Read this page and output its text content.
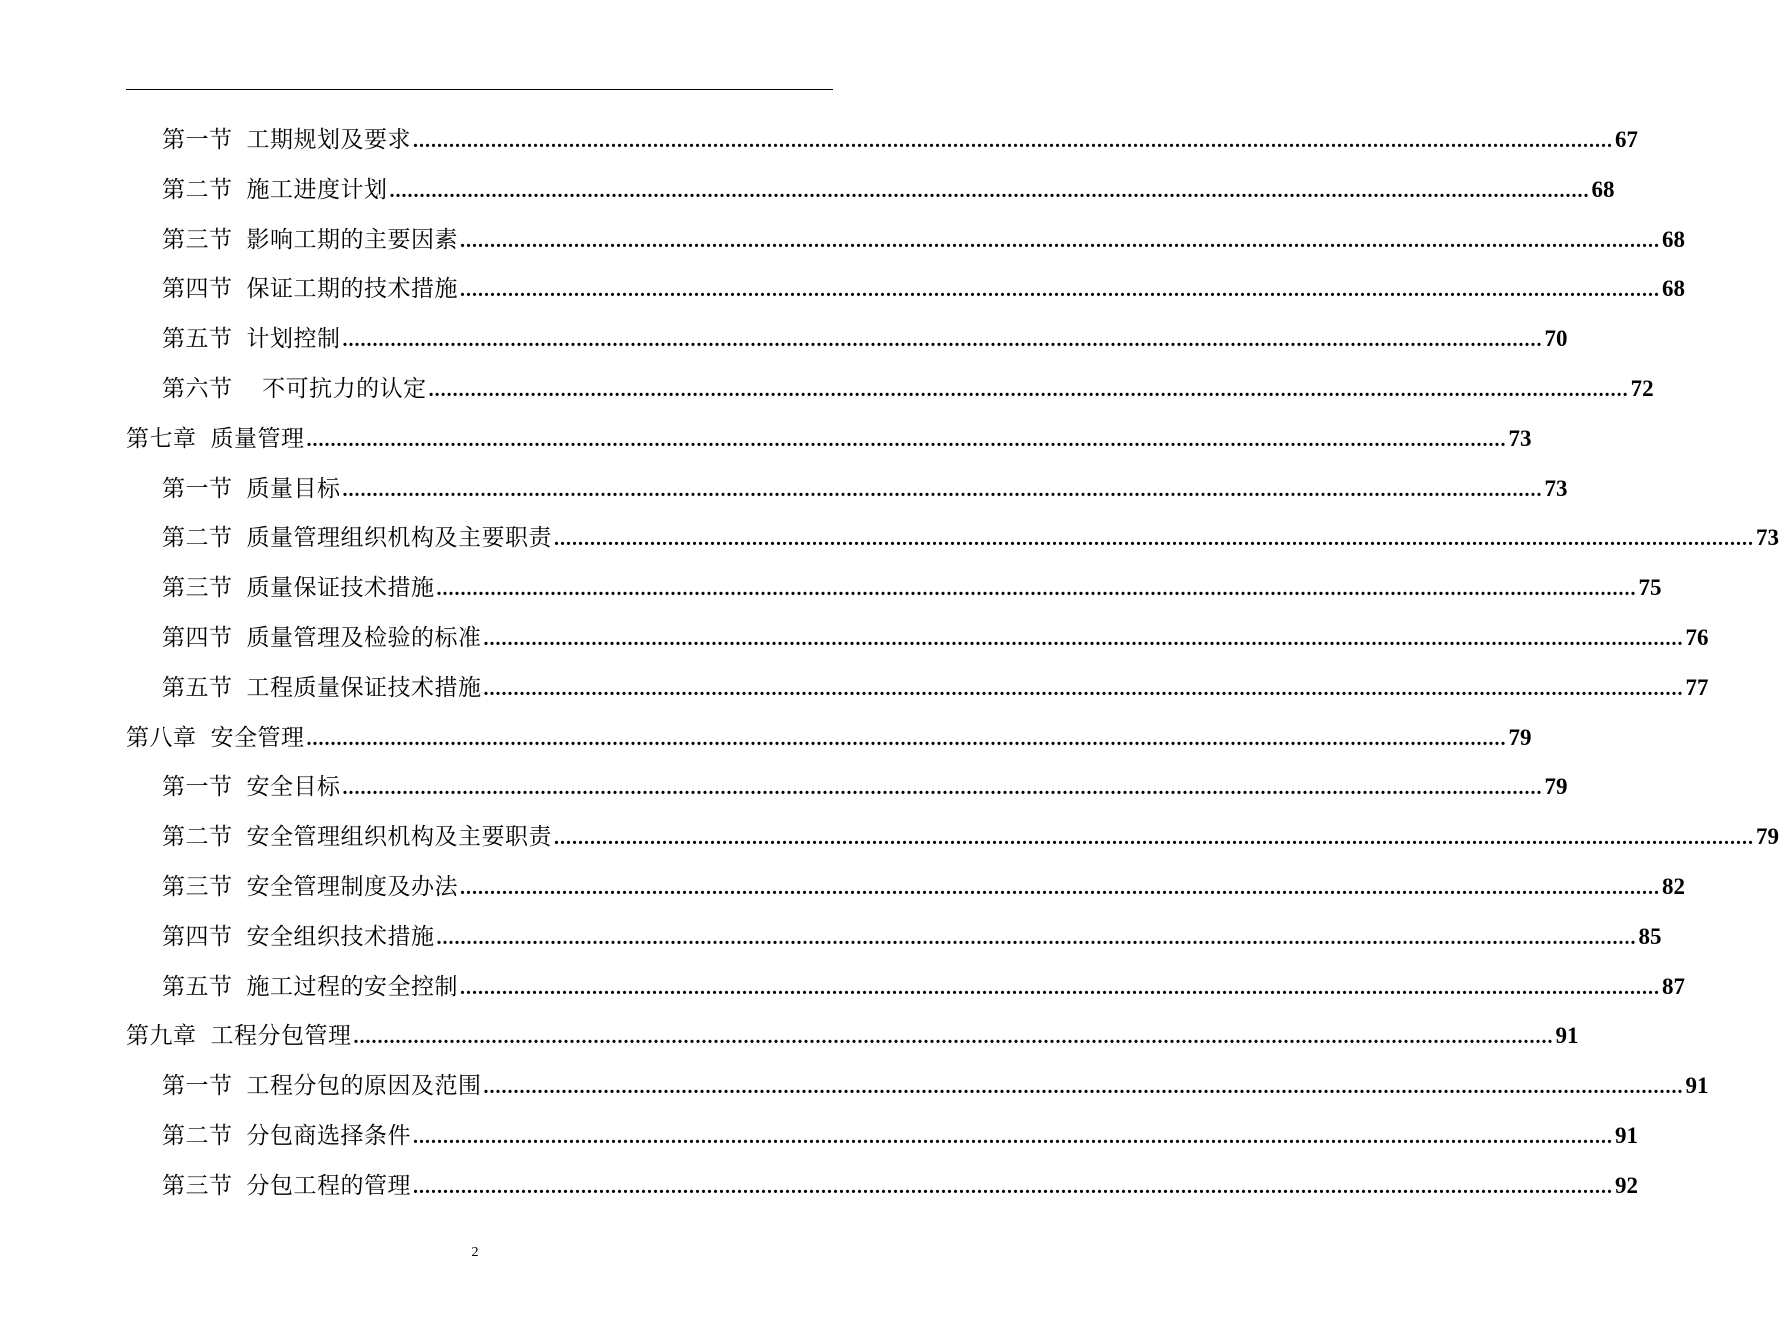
第一节 工期规划及要求 ........................................................................................................................................................................................................ 67
第二节 施工进度计划 ........................................................................................................................................................................................................ 68
第三节 影响工期的主要因素 ........................................................................................................................................................................................................ 68
第四节 保证工期的技术措施 ........................................................................................................................................................................................................ 68
第五节 计划控制 ........................................................................................................................................................................................................ 70
第六节  不可抗力的认定 ........................................................................................................................................................................................................ 72
第七章 质量管理 ........................................................................................................................................................................................................ 73
第一节 质量目标 ........................................................................................................................................................................................................ 73
第二节 质量管理组织机构及主要职责 ........................................................................................................................................................................................................ 73
第三节 质量保证技术措施 ........................................................................................................................................................................................................ 75
第四节 质量管理及检验的标准 ........................................................................................................................................................................................................ 76
第五节 工程质量保证技术措施 ........................................................................................................................................................................................................ 77
第八章 安全管理 ........................................................................................................................................................................................................ 79
第一节 安全目标 ........................................................................................................................................................................................................ 79
第二节 安全管理组织机构及主要职责 ........................................................................................................................................................................................................ 79
第三节 安全管理制度及办法 ........................................................................................................................................................................................................ 82
第四节 安全组织技术措施 ........................................................................................................................................................................................................ 85
第五节 施工过程的安全控制 ........................................................................................................................................................................................................ 87
第九章 工程分包管理 ........................................................................................................................................................................................................ 91
第一节 工程分包的原因及范围 ........................................................................................................................................................................................................ 91
第二节 分包商选择条件 ........................................................................................................................................................................................................ 91
第三节 分包工程的管理 ........................................................................................................................................................................................................ 92
2
